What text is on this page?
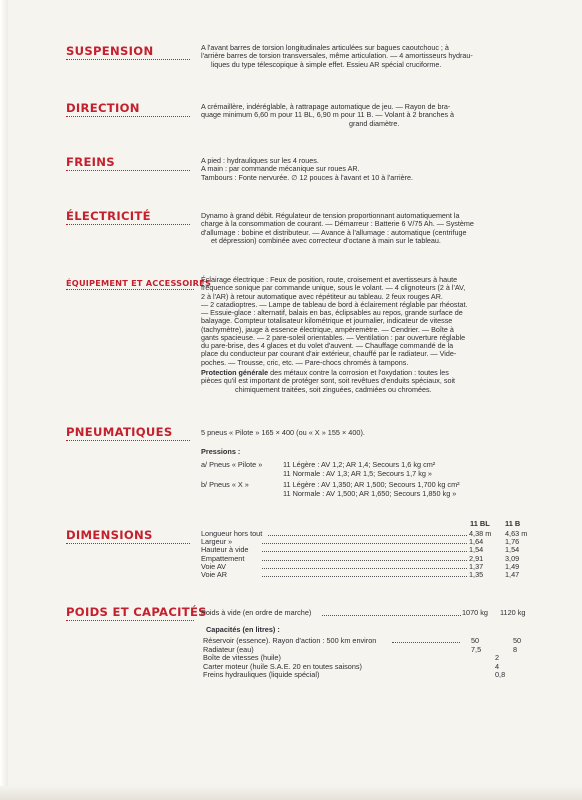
SUSPENSION	A l'avant barres de torsion longitudinales articulées sur bagues caoutchouc ; à
l'arrière barres de torsion transversales, même articulation. — 4 amortisseurs hydrau-
liques du type télescopique à simple effet. Essieu AR spécial cruciforme.
DIRECTION	A crémaillère, indéréglable, à rattrapage automatique de jeu. — Rayon de bra-
quage minimum 6,60 m pour 11 BL, 6,90 m pour 11 B. — Volant à 2 branches à
grand diamètre.
FREINS	A pied : hydrauliques sur les 4 roues.
A main : par commande mécanique sur roues AR.
Tambours : Fonte nervurée. ∅ 12 pouces à l'avant et 10 à l'arrière.
ÉLECTRICITÉ	Dynamo à grand débit. Régulateur de tension proportionnant automatiquement la
charge à la consommation de courant. — Démarreur : Batterie 6 V/75 Ah. — Système
d'allumage : bobine et distributeur. — Avance à l'allumage : automatique (centrifuge
et dépression) combinée avec correcteur d'octane à main sur le tableau.
ÉQUIPEMENT ET ACCESSOIRES
Éclairage électrique : Feux de position, route, croisement et avertisseurs à haute
fréquence sonique par commande unique, sous le volant. — 4 clignoteurs (2 à l'AV,
2 à l'AR) à retour automatique avec répétiteur au tableau. 2 feux rouges AR.
— 2 catadioptres. — Lampe de tableau de bord à éclairement réglable par rhéostat.
— Essuie-glace : alternatif, balais en bas, éclipsables au repos, grande surface de
balayage. Compteur totalisateur kilométrique et journalier, indicateur de vitesse
(tachymètre), jauge à essence électrique, ampèremètre. — Cendrier. — Boîte à
gants spacieuse. — 2 pare-soleil orientables. — Ventilation : par ouverture réglable
du pare-brise, des 4 glaces et du volet d'auvent. — Chauffage commandé de la
place du conducteur par courant d'air extérieur, chauffé par le radiateur. — Vide-
poches. — Trousse, cric, etc. — Pare-chocs chromés à tampons.
Protection générale des métaux contre la corrosion et l'oxydation : toutes les
pièces qu'il est important de protéger sont, soit revêtues d'enduits spéciaux, soit
chimiquement traitées, soit zinguées, cadmiées ou chromées.
PNEUMATIQUES	5 pneus « Pilote » 165 × 400 (ou « X » 155 × 400).
Pressions :
a/ Pneus « Pilote »	11 Légère : AV 1,2; AR 1,4; Secours 1,6 kg cm²
11 Normale : AV 1,3; AR 1,5; Secours 1,7 kg »
b/ Pneus « X »	11 Légère : AV 1,350; AR 1,500; Secours 1,700 kg cm²
11 Normale : AV 1,500; AR 1,650; Secours 1,850 kg »
DIMENSIONS
11 BL 11 B
Longueur hors tout	4,38 m 4,63 m
Largeur »	1,64	1,76
Hauteur à vide	1,54	1,54
Empattement	2,91	3,09
Voie AV	1,37	1,49
Voie AR	1,35	1,47
POIDS ET CAPACITÉS
Poids à vide (en ordre de marche)	1070 kg 1120 kg
Capacités (en litres) :
Réservoir (essence). Rayon d'action : 500 km environ	50	50
Radiateur (eau)	7,5	8
Boîte de vitesses (huile)	2
Carter moteur (huile S.A.E. 20 en toutes saisons)	4
Freins hydrauliques (liquide spécial)	0,8
